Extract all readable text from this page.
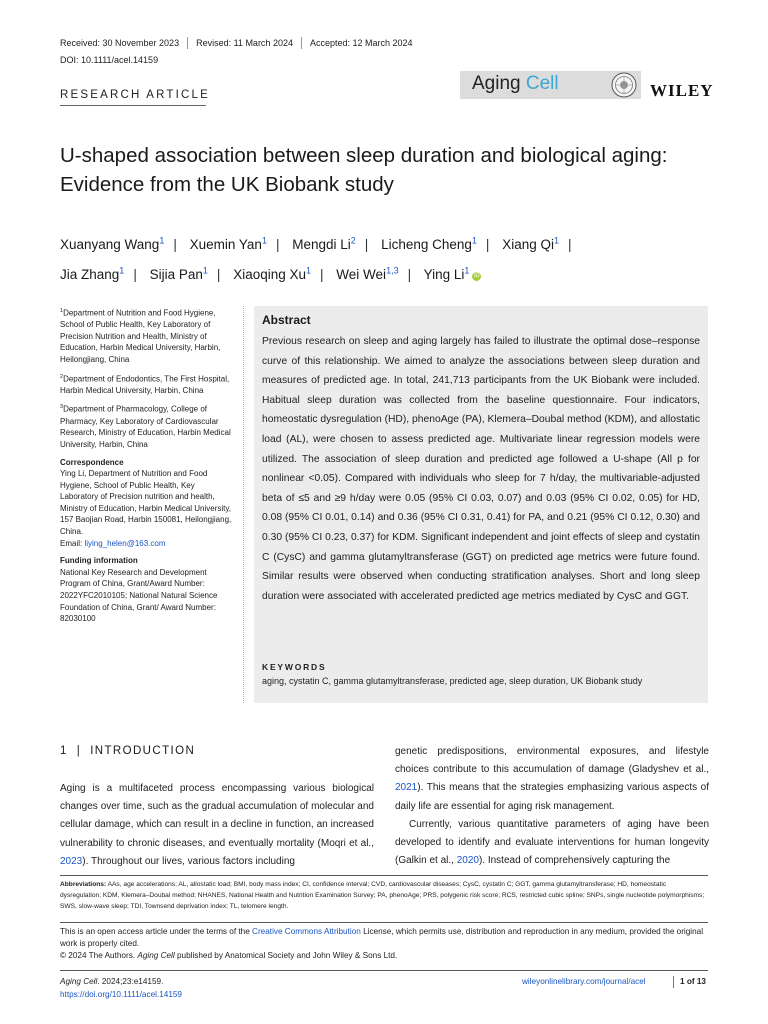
Received: 30 November 2023 Revised: 11 March 2024 Accepted: 12 March 2024
DOI: 10.1111/acel.14159
RESEARCH ARTICLE
Aging Cell	WILEY
U-shaped association between sleep duration and biological aging: Evidence from the UK Biobank study
Xuanyang Wang$^1$ | Xuemin Yan$^1$ | Mengdi Li$^2$ | Licheng Cheng$^1$ | Xiang Qi$^1$ |
Jia Zhang$^1$ | Sijia Pan$^1$ | Xiaoqing Xu$^1$ | Wei Wei$^{1,3}$ | Ying Li$^1$iD

$^1$Department of Nutrition and Food Hygiene, School of Public Health, Key Laboratory of Precision Nutrition and Health, Ministry of Education, Harbin Medical University, Harbin, Heilongjiang, China

$^2$Department of Endodontics, The First Hospital, Harbin Medical University, Harbin, China

$^3$Department of Pharmacology, College of Pharmacy, Key Laboratory of Cardiovascular Research, Ministry of Education, Harbin Medical University, Harbin, China

Correspondence

Ying Li, Department of Nutrition and Food Hygiene, School of Public Health, Key Laboratory of Precision nutrition and health, Ministry of Education, Harbin Medical University, 157 Baojian Road, Harbin 150081, Heilongjiang, China.
Email: liying_helen@163.com

Funding information

National Key Research and Development Program of China, Grant/Award Number: 2022YFC2010105; National Natural Science Foundation of China, Grant/ Award Number: 82030100

Abstract

Previous research on sleep and aging largely has failed to illustrate the optimal dose–response curve of this relationship. We aimed to analyze the associations between sleep duration and measures of predicted age. In total, 241,713 participants from the UK Biobank were included. Habitual sleep duration was collected from the baseline questionnaire. Four indicators, homeostatic dysregulation (HD), phenoAge (PA), Klemera–Doubal method (KDM), and allostatic load (AL), were chosen to assess predicted age. Multivariate linear regression models were utilized. The association of sleep duration and predicted age followed a U-shape (All p for nonlinear <0.05). Compared with individuals who sleep for 7 h/day, the multivariable-adjusted beta of ≤5 and ≥9 h/day were 0.05 (95% CI 0.03, 0.07) and 0.03 (95% CI 0.02, 0.05) for HD, 0.08 (95% CI 0.01, 0.14) and 0.36 (95% CI 0.31, 0.41) for PA, and 0.21 (95% CI 0.12, 0.30) and 0.30 (95% CI 0.23, 0.37) for KDM. Significant independent and joint effects of sleep and cystatin C (CysC) and gamma glutamyltransferase (GGT) on predicted age metrics were future found. Similar results were observed when conducting stratification analyses. Short and long sleep duration were associated with accelerated predicted age metrics mediated by CysC and GGT.

KEYWORDS
aging, cystatin C, gamma glutamyltransferase, predicted age, sleep duration, UK Biobank study
1 | INTRODUCTION

Aging is a multifaceted process encompassing various biological changes over time, such as the gradual accumulation of molecular and cellular damage, which can result in a decline in function, an increased vulnerability to chronic diseases, and eventually mortality (Moqri et al., 2023). Throughout our lives, various factors including

genetic predispositions, environmental exposures, and lifestyle choices contribute to this accumulation of damage (Gladyshev et al., 2021). This means that the strategies emphasizing various aspects of daily life are essential for aging risk management.

Currently, various quantitative parameters of aging have been developed to identify and evaluate interventions for human longevity (Galkin et al., 2020). Instead of comprehensively capturing the

Abbreviations: AAs, age accelerations; AL, allostatic load; BMI, body mass index; CI, confidence interval; CVD, cardiovascular diseases; CysC, cystatin C; GGT, gamma glutamyltransferase; HD, homeostatic dysregulation; KDM, Klemera–Doubal method; NHANES, National Health and Nutrition Examination Survey; PA, phenoAge; PRS, polygenic risk score; RCS, restricted cubic spline; SNPs, single nucleotide polymorphisms; SWS, slow-wave sleep; TDI, Townsend deprivation index; TL, telomere length.

This is an open access article under the terms of the Creative Commons Attribution License, which permits use, distribution and reproduction in any medium, provided the original work is properly cited.
© 2024 The Authors. Aging Cell published by Anatomical Society and John Wiley & Sons Ltd.

Aging Cell. 2024;23:e14159.
https://doi.org/10.1111/acel.14159
wileyonlinelibrary.com/journal/acel	1 of 13
